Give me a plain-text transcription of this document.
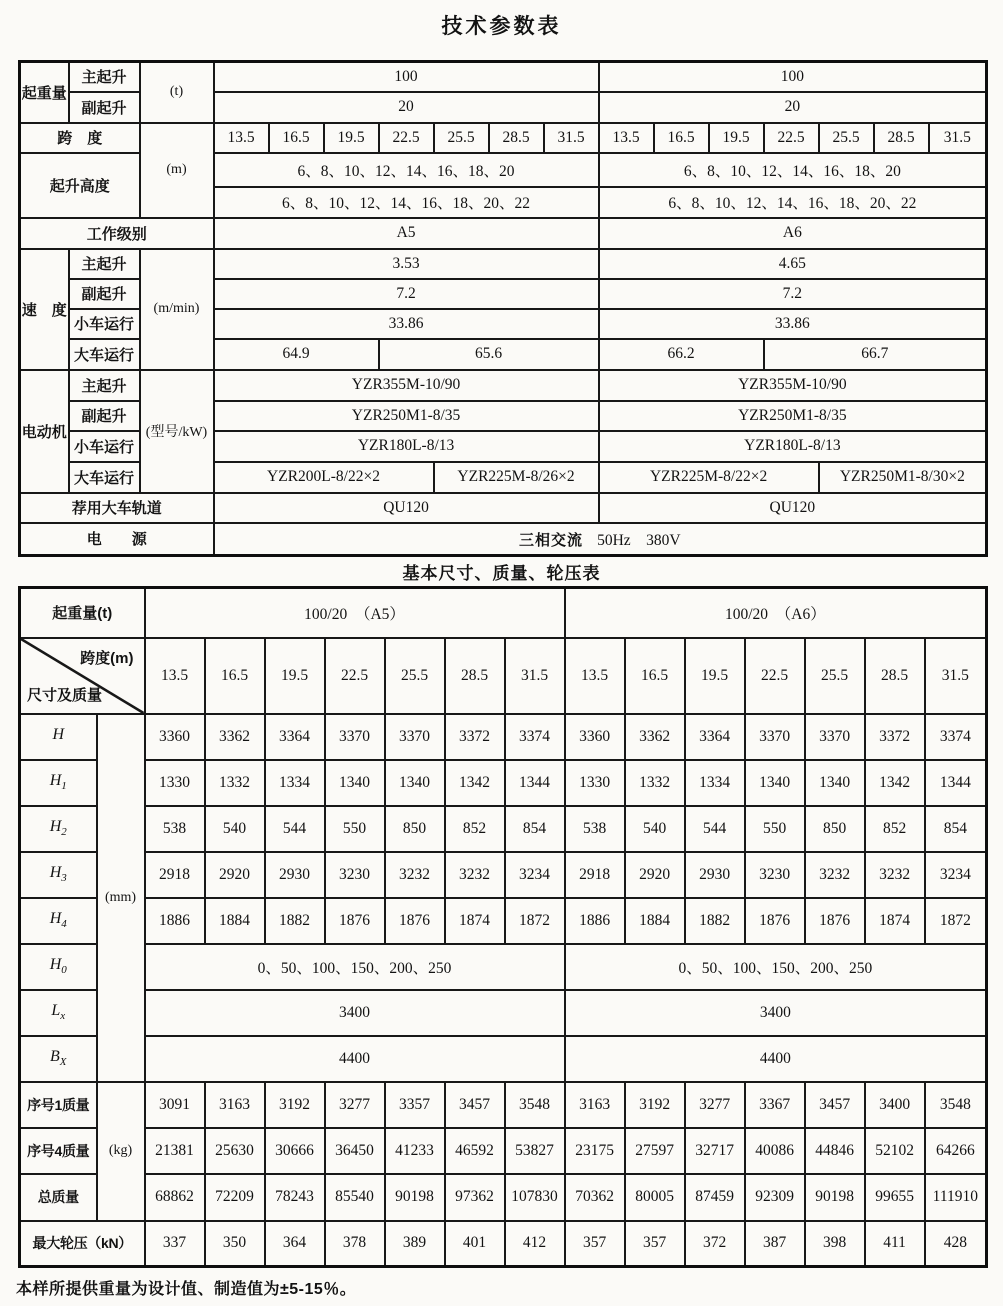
技术参数表
起重量	主起升	(t)	100							100						
	副起升		20							20						
跨　度		(m)	13.5	16.5	19.5	22.5	25.5	28.5	31.5	13.5	16.5	19.5	22.5	25.5	28.5	31.5
起升高度			6、8、10、12、14、16、18、20							6、8、10、12、14、16、18、20						
			6、8、10、12、14、16、18、20、22							6、8、10、12、14、16、18、20、22						
工作级别			A5							A6						
速　度	主起升	(m/min)	3.53							4.65						
	副起升		7.2							7.2						
	小车运行		33.86							33.86						
	大车运行		64.9			65.6				66.2			66.7			
电动机	主起升	(型号/kW)	YZR355M-10/90							YZR355M-10/90						
	副起升		YZR250M1-8/35							YZR250M1-8/35						
	小车运行		YZR180L-8/13							YZR180L-8/13						
	大车运行		YZR200L-8/22×2				YZR225M-8/26×2			YZR225M-8/22×2				YZR250M1-8/30×2		
荐用大车轨道			QU120							QU120						
电　　源			三相交流 50Hz　380V													
基本尺寸、质量、轮压表
起重量(t)		100/20　（A5）							100/20　（A6）						

跨度(m)
尺寸及质量		13.5	16.5	19.5	22.5	25.5	28.5	31.5	13.5	16.5	19.5	22.5	25.5	28.5	31.5
H	(mm)	3360	3362	3364	3370	3370	3372	3374	3360	3362	3364	3370	3370	3372	3374
$H_1$		1330	1332	1334	1340	1340	1342	1344	1330	1332	1334	1340	1340	1342	1344
$H_2$		538	540	544	550	850	852	854	538	540	544	550	850	852	854
$H_3$		2918	2920	2930	3230	3232	3232	3234	2918	2920	2930	3230	3232	3232	3234
$H_4$		1886	1884	1882	1876	1876	1874	1872	1886	1884	1882	1876	1876	1874	1872
$H_0$		0、50、100、150、200、250							0、50、100、150、200、250						
$L_x$		3400							3400						
$B_X$		4400							4400						
序号1质量	(kg)	3091	3163	3192	3277	3357	3457	3548	3163	3192	3277	3367	3457	3400	3548
序号4质量		21381	25630	30666	36450	41233	46592	53827	23175	27597	32717	40086	44846	52102	64266
总质量		68862	72209	78243	85540	90198	97362	107830	70362	80005	87459	92309	90198	99655	111910
最大轮压（kN）		337	350	364	378	389	401	412	357	357	372	387	398	411	428
本样所提供重量为设计值、制造值为±5-15％。
